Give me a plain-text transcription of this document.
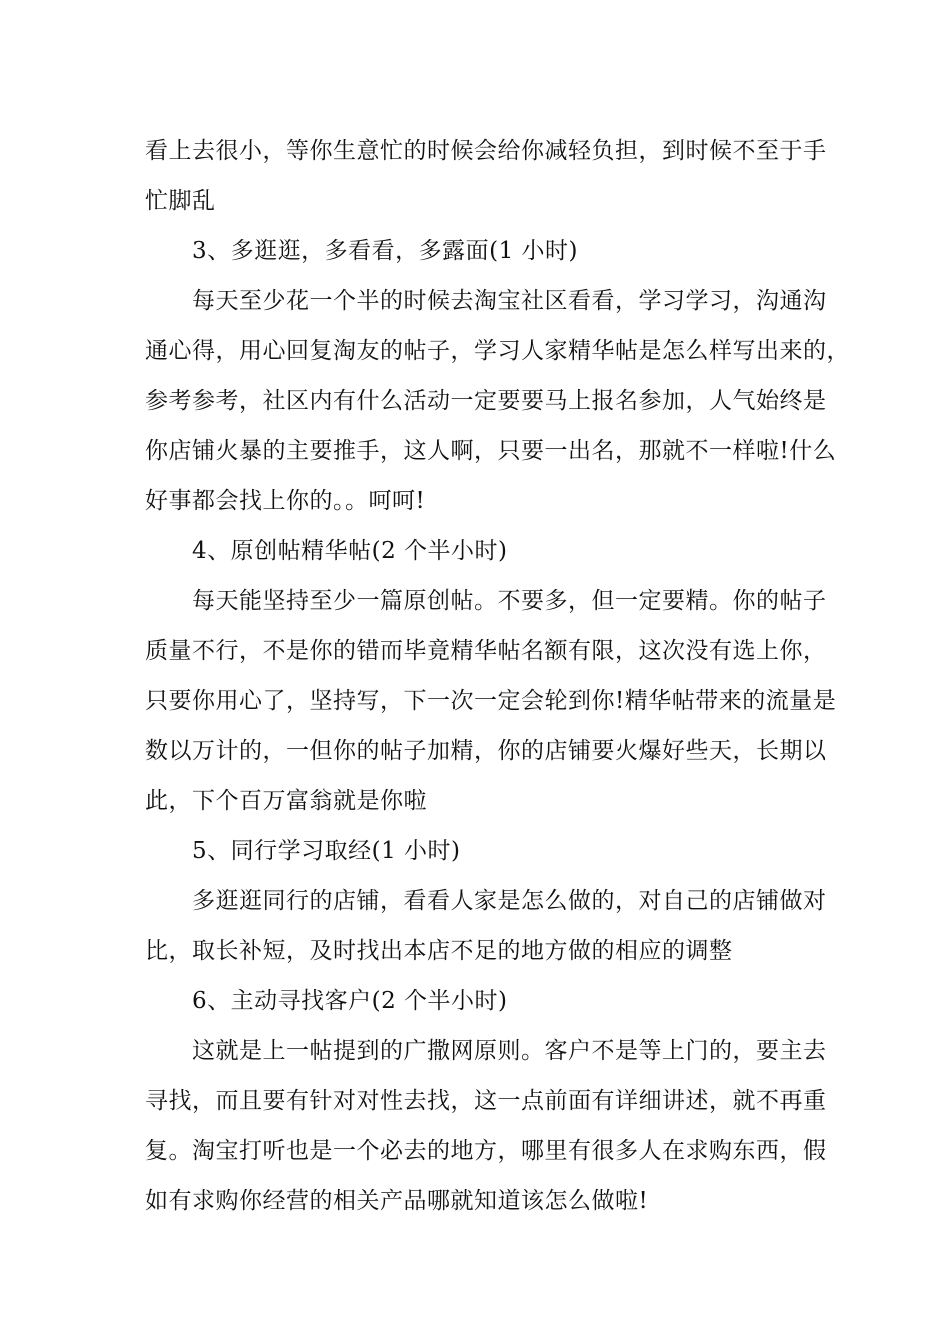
看上去很小，等你生意忙的时候会给你减轻负担，到时候不至于手
忙脚乱
3、多逛逛，多看看，多露面(1 小时)
每天至少花一个半的时候去淘宝社区看看，学习学习，沟通沟
通心得，用心回复淘友的帖子，学习人家精华帖是怎么样写出来的，
参考参考，社区内有什么活动一定要要马上报名参加，人气始终是
你店铺火暴的主要推手，这人啊，只要一出名，那就不一样啦!什么
好事都会找上你的。。呵呵!
4、原创帖精华帖(2 个半小时)
每天能坚持至少一篇原创帖。不要多，但一定要精。你的帖子
质量不行，不是你的错而毕竟精华帖名额有限，这次没有选上你，
只要你用心了，坚持写，下一次一定会轮到你!精华帖带来的流量是
数以万计的，一但你的帖子加精，你的店铺要火爆好些天，长期以
此，下个百万富翁就是你啦
5、同行学习取经(1 小时)
多逛逛同行的店铺，看看人家是怎么做的，对自己的店铺做对
比，取长补短，及时找出本店不足的地方做的相应的调整
6、主动寻找客户(2 个半小时)
这就是上一帖提到的广撒网原则。客户不是等上门的，要主去
寻找，而且要有针对对性去找，这一点前面有详细讲述，就不再重
复。淘宝打听也是一个必去的地方，哪里有很多人在求购东西，假
如有求购你经营的相关产品哪就知道该怎么做啦!
